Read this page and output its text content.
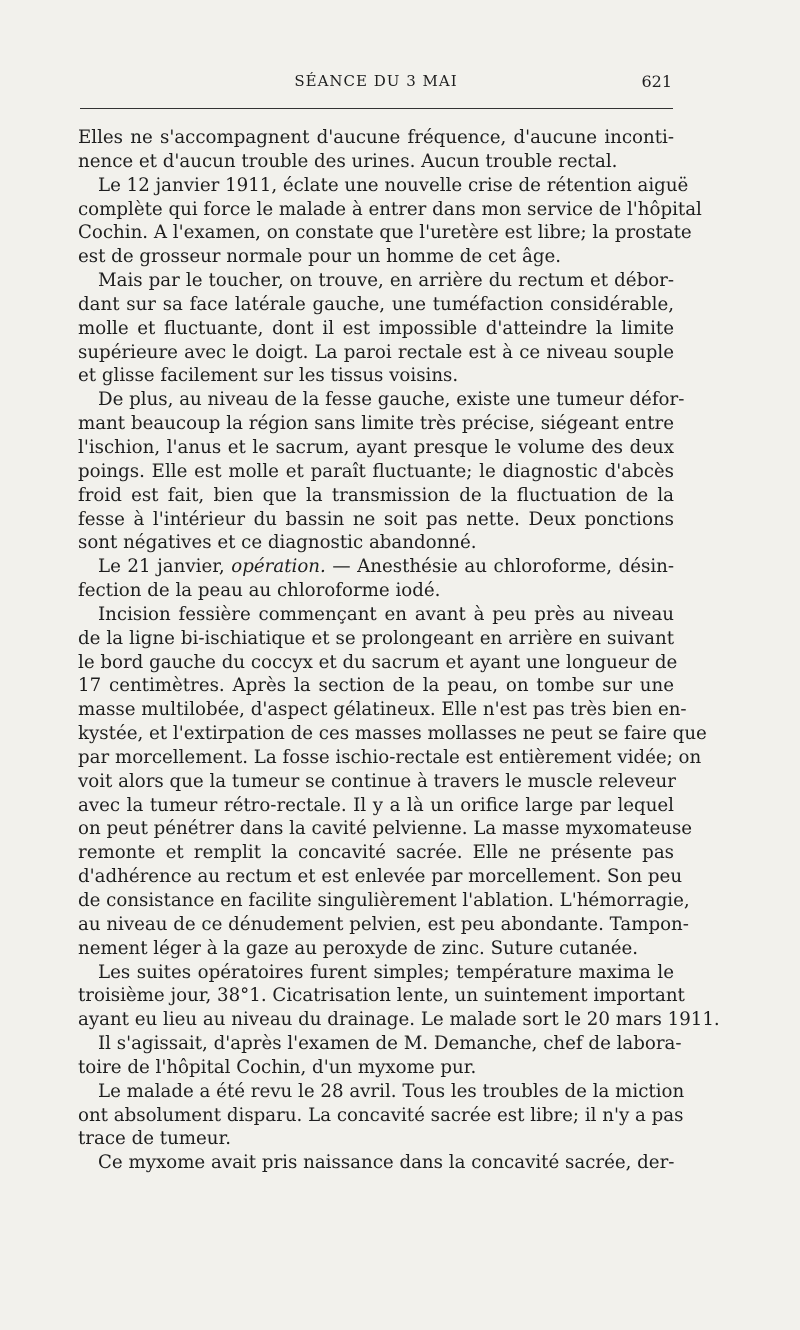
SÉANCE DU 3 MAI	621
Elles ne s'accompagnent d'aucune fréquence, d'aucune inconti-
nence et d'aucun trouble des urines. Aucun trouble rectal.
Le 12 janvier 1911, éclate une nouvelle crise de rétention aiguë
complète qui force le malade à entrer dans mon service de l'hôpital
Cochin. A l'examen, on constate que l'uretère est libre; la prostate
est de grosseur normale pour un homme de cet âge.
Mais par le toucher, on trouve, en arrière du rectum et débor-
dant sur sa face latérale gauche, une tuméfaction considérable,
molle et fluctuante, dont il est impossible d'atteindre la limite
supérieure avec le doigt. La paroi rectale est à ce niveau souple
et glisse facilement sur les tissus voisins.
De plus, au niveau de la fesse gauche, existe une tumeur défor-
mant beaucoup la région sans limite très précise, siégeant entre
l'ischion, l'anus et le sacrum, ayant presque le volume des deux
poings. Elle est molle et paraît fluctuante; le diagnostic d'abcès
froid est fait, bien que la transmission de la fluctuation de la
fesse à l'intérieur du bassin ne soit pas nette. Deux ponctions
sont négatives et ce diagnostic abandonné.
Le 21 janvier, opération. — Anesthésie au chloroforme, désin-
fection de la peau au chloroforme iodé.
Incision fessière commençant en avant à peu près au niveau
de la ligne bi-ischiatique et se prolongeant en arrière en suivant
le bord gauche du coccyx et du sacrum et ayant une longueur de
17 centimètres. Après la section de la peau, on tombe sur une
masse multilobée, d'aspect gélatineux. Elle n'est pas très bien en-
kystée, et l'extirpation de ces masses mollasses ne peut se faire que
par morcellement. La fosse ischio-rectale est entièrement vidée; on
voit alors que la tumeur se continue à travers le muscle releveur
avec la tumeur rétro-rectale. Il y a là un orifice large par lequel
on peut pénétrer dans la cavité pelvienne. La masse myxomateuse
remonte et remplit la concavité sacrée. Elle ne présente pas
d'adhérence au rectum et est enlevée par morcellement. Son peu
de consistance en facilite singulièrement l'ablation. L'hémorragie,
au niveau de ce dénudement pelvien, est peu abondante. Tampon-
nement léger à la gaze au peroxyde de zinc. Suture cutanée.
Les suites opératoires furent simples; température maxima le
troisième jour, 38°1. Cicatrisation lente, un suintement important
ayant eu lieu au niveau du drainage. Le malade sort le 20 mars 1911.
Il s'agissait, d'après l'examen de M. Demanche, chef de labora-
toire de l'hôpital Cochin, d'un myxome pur.
Le malade a été revu le 28 avril. Tous les troubles de la miction
ont absolument disparu. La concavité sacrée est libre; il n'y a pas
trace de tumeur.
Ce myxome avait pris naissance dans la concavité sacrée, der-
